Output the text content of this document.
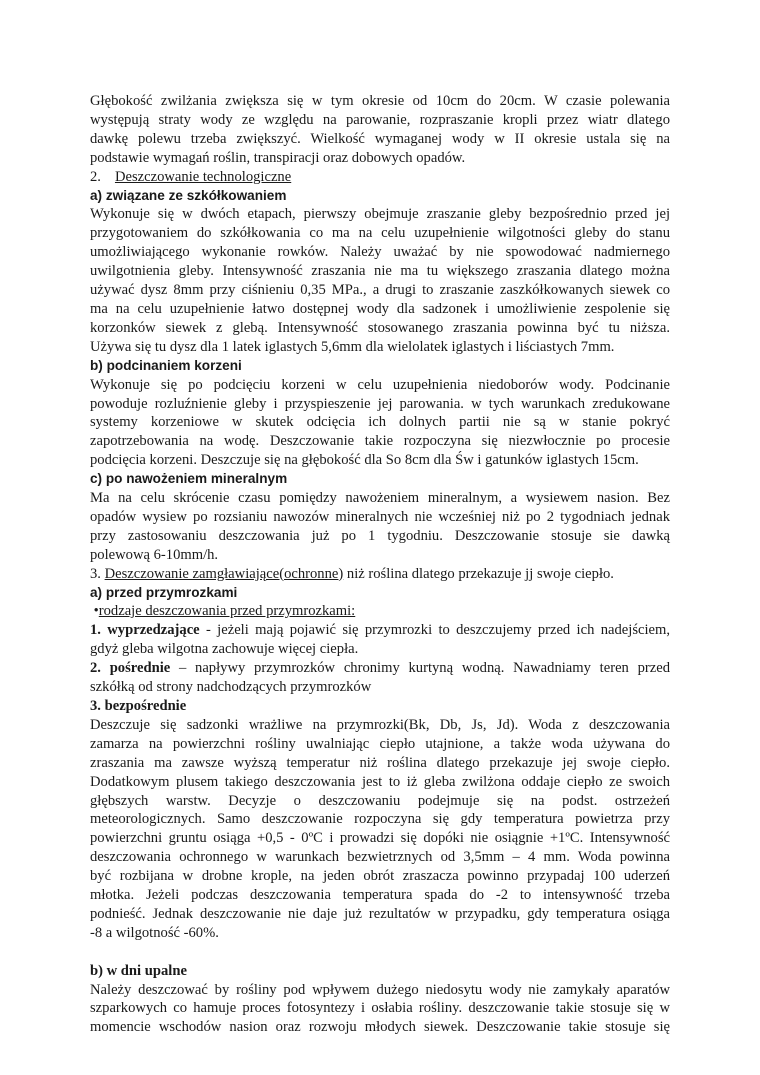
Głębokość zwilżania zwiększa się w tym okresie od 10cm do 20cm. W czasie polewania

występują straty wody ze względu na parowanie, rozpraszanie kropli przez wiatr dlatego

dawkę polewu trzeba zwiększyć. Wielkość wymaganej wody w II okresie ustala się na

podstawie wymagań roślin, transpiracji oraz dobowych opadów.

2. Deszczowanie technologiczne

a) związane ze szkółkowaniem

Wykonuje się w dwóch etapach, pierwszy obejmuje zraszanie gleby bezpośrednio przed jej

przygotowaniem do szkółkowania co ma na celu uzupełnienie wilgotności gleby do stanu

umożliwiającego wykonanie rowków. Należy uważać by nie spowodować nadmiernego

uwilgotnienia gleby. Intensywność zraszania nie ma tu większego zraszania dlatego można

używać dysz 8mm przy ciśnieniu 0,35 MPa., a drugi to zraszanie zaszkółkowanych siewek co

ma na celu uzupełnienie łatwo dostępnej wody dla sadzonek i umożliwienie zespolenie się

korzonków siewek z glebą. Intensywność stosowanego zraszania powinna być tu niższa.

Używa się tu dysz dla 1 latek iglastych 5,6mm dla wielolatek iglastych i liściastych 7mm.

b) podcinaniem korzeni

Wykonuje się po podcięciu korzeni w celu uzupełnienia niedoborów wody. Podcinanie

powoduje rozluźnienie gleby i przyspieszenie jej parowania. w tych warunkach zredukowane

systemy korzeniowe w skutek odcięcia ich dolnych partii nie są w stanie pokryć

zapotrzebowania na wodę. Deszczowanie takie rozpoczyna się niezwłocznie po procesie

podcięcia korzeni. Deszczuje się na głębokość dla So 8cm dla Św i gatunków iglastych 15cm.

c) po nawożeniem mineralnym

Ma na celu skrócenie czasu pomiędzy nawożeniem mineralnym, a wysiewem nasion. Bez

opadów wysiew po rozsianiu nawozów mineralnych nie wcześniej niż po 2 tygodniach jednak

przy zastosowaniu deszczowania już po 1 tygodniu. Deszczowanie stosuje sie dawką

polewową 6-10mm/h.

3. Deszczowanie zamgławiające(ochronne) niż roślina dlatego przekazuje jj swoje ciepło.

a) przed przymrozkami

•rodzaje deszczowania przed przymrozkami:

1. wyprzedzające - jeżeli mają pojawić się przymrozki to deszczujemy przed ich nadejściem,

gdyż gleba wilgotna zachowuje więcej ciepła.

2. pośrednie – napływy przymrozków chronimy kurtyną wodną. Nawadniamy teren przed

szkółką od strony nadchodzących przymrozków

3. bezpośrednie

Deszczuje się sadzonki wrażliwe na przymrozki(Bk, Db, Js, Jd). Woda z deszczowania

zamarza na powierzchni rośliny uwalniając ciepło utajnione, a także woda używana do

zraszania ma zawsze wyższą temperatur niż roślina dlatego przekazuje jej swoje ciepło.

Dodatkowym plusem takiego deszczowania jest to iż gleba zwilżona oddaje ciepło ze swoich

głębszych warstw. Decyzje o deszczowaniu podejmuje się na podst. ostrzeżeń

meteorologicznych. Samo deszczowanie rozpoczyna się gdy temperatura powietrza przy

powierzchni gruntu osiąga +0,5 - 0ºC i prowadzi się dopóki nie osiągnie +1ºC. Intensywność

deszczowania ochronnego w warunkach bezwietrznych od 3,5mm – 4 mm. Woda powinna

być rozbijana w drobne krople, na jeden obrót zraszacza powinno przypadaj 100 uderzeń

młotka. Jeżeli podczas deszczowania temperatura spada do -2 to intensywność trzeba

podnieść. Jednak deszczowanie nie daje już rezultatów w przypadku, gdy temperatura osiąga

-8 a wilgotność -60%.

b) w dni upalne

Należy deszczować by rośliny pod wpływem dużego niedosytu wody nie zamykały aparatów

szparkowych co hamuje proces fotosyntezy i osłabia rośliny. deszczowanie takie stosuje się w

momencie wschodów nasion oraz rozwoju młodych siewek. Deszczowanie takie stosuje się
